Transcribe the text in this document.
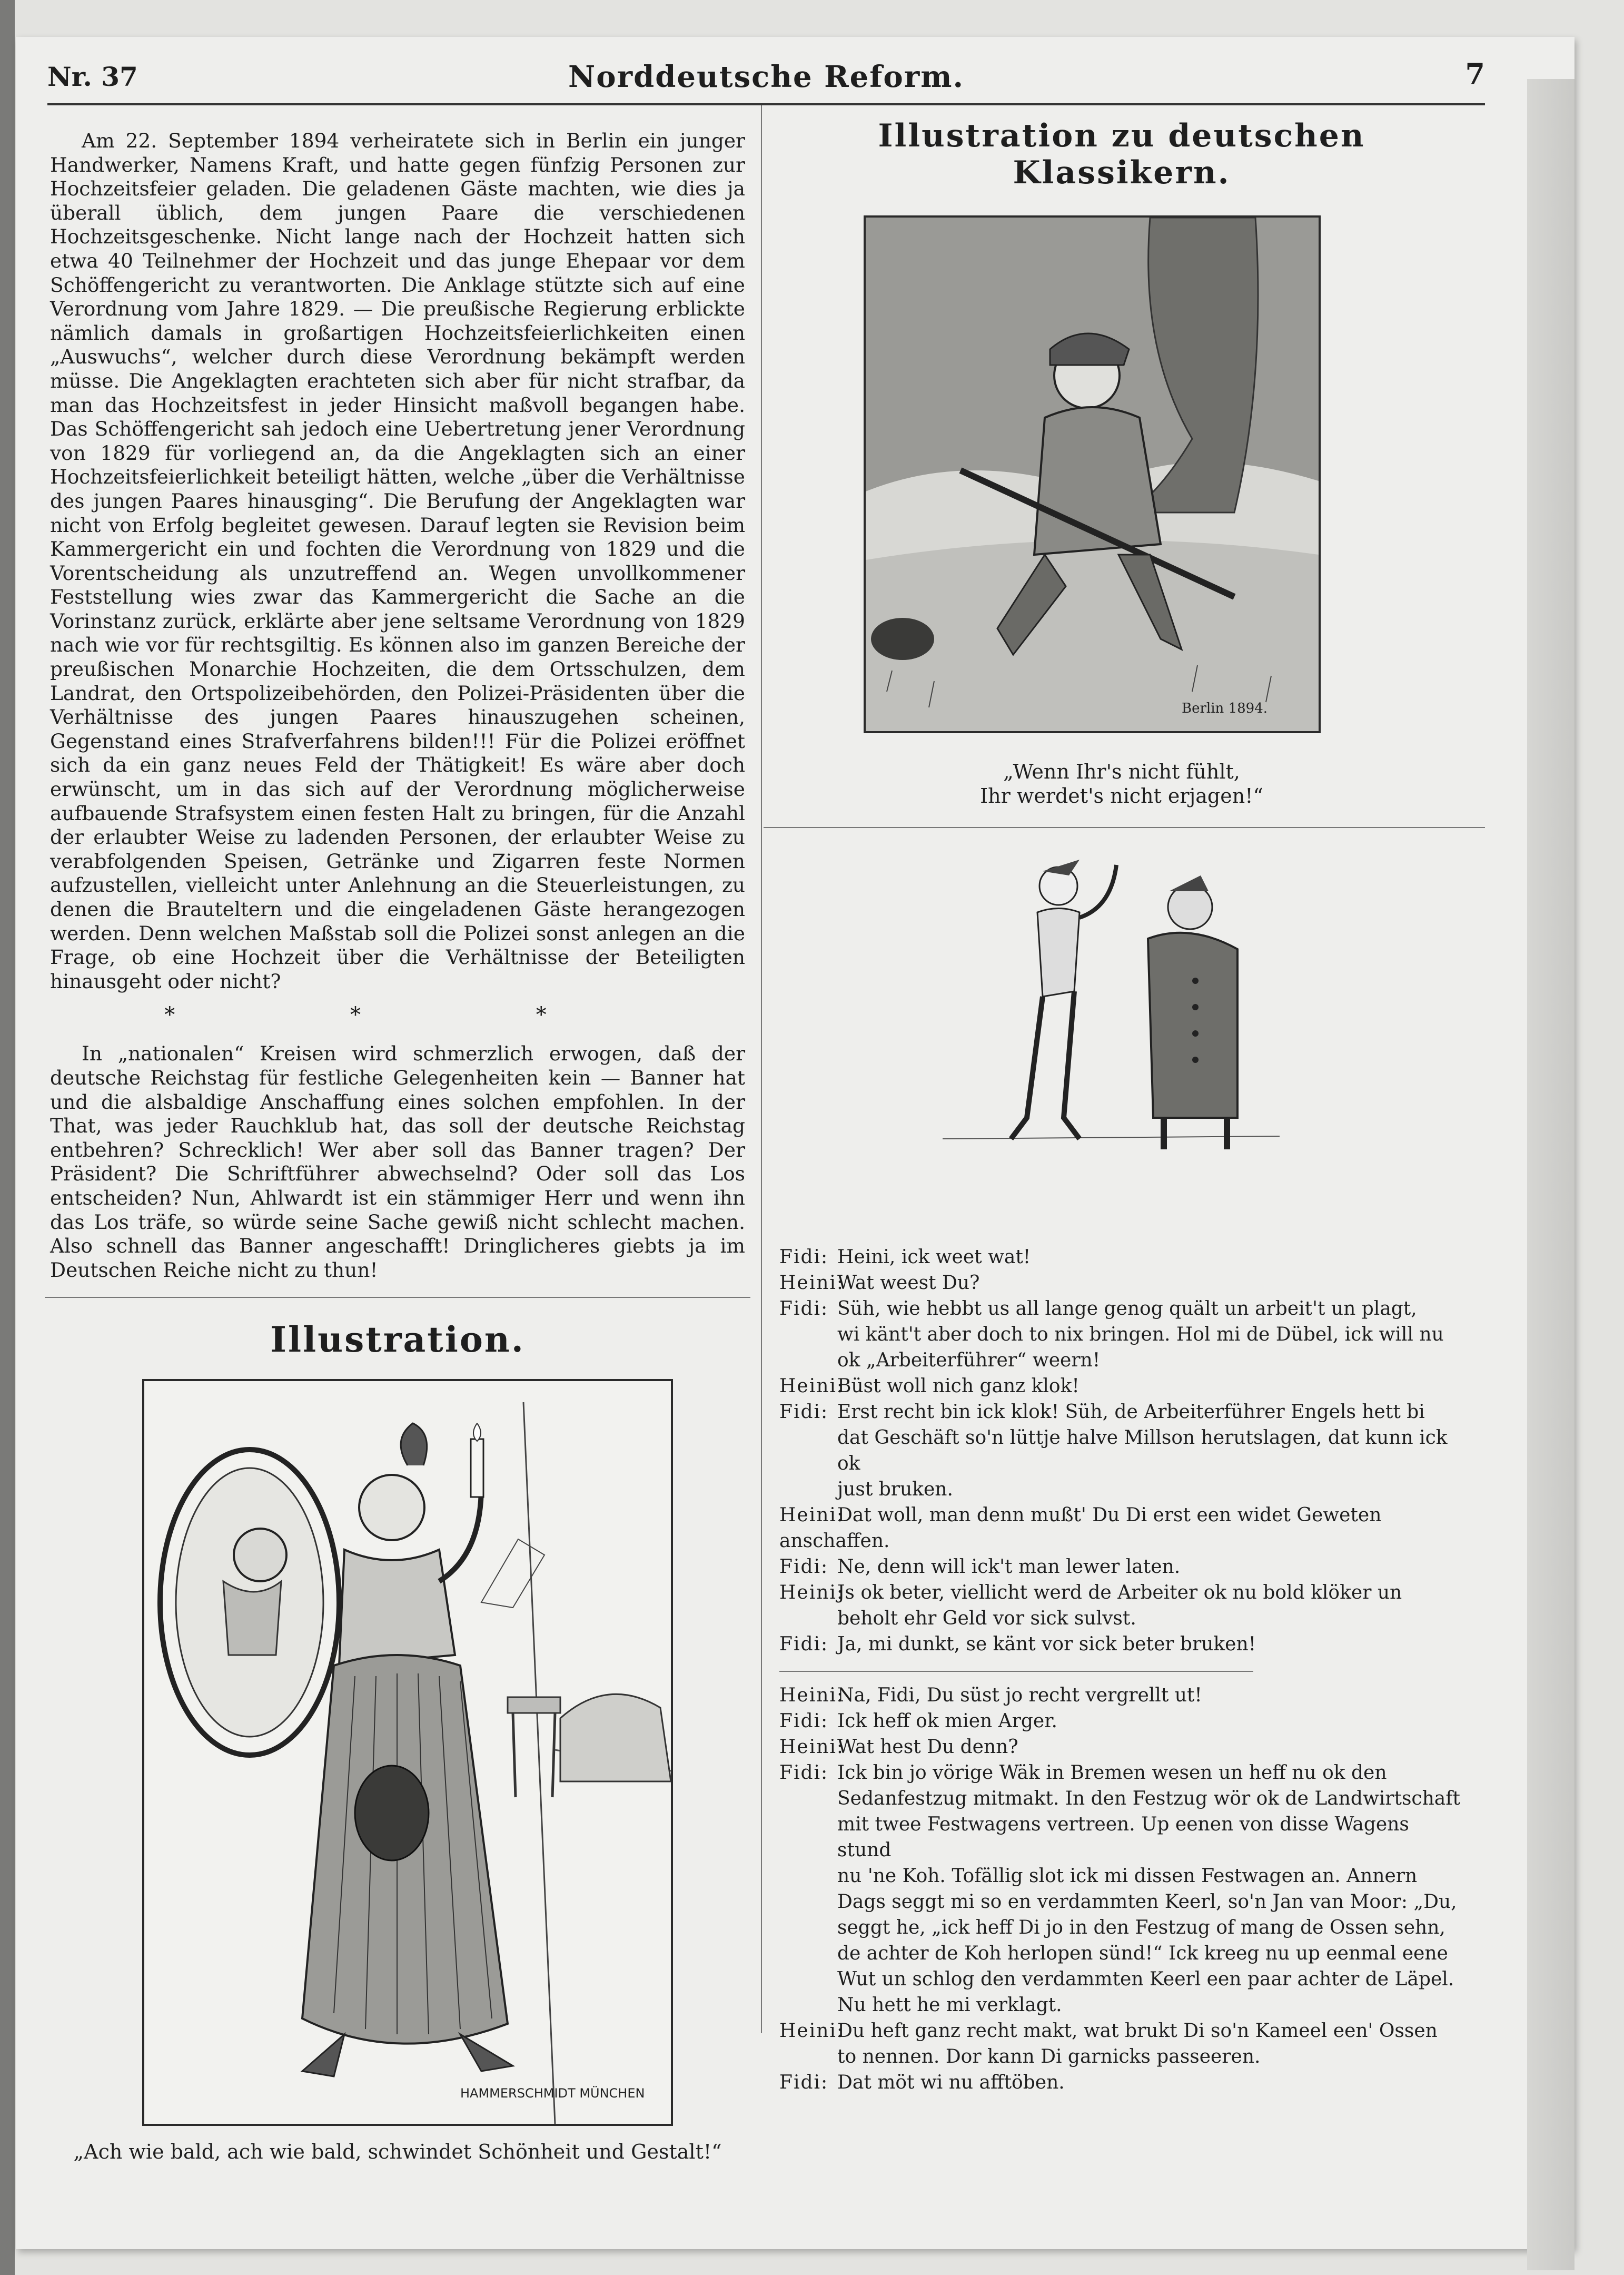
Nr. 37	Norddeutsche Reform.	7

Am 22. September 1894 verheiratete sich in Berlin ein junger Handwerker, Namens Kraft, und hatte gegen fünfzig Personen zur Hochzeitsfeier geladen. Die geladenen Gäste machten, wie dies ja überall üblich, dem jungen Paare die verschiedenen Hochzeitsgeschenke. Nicht lange nach der Hochzeit hatten sich etwa 40 Teilnehmer der Hochzeit und das junge Ehepaar vor dem Schöffengericht zu verantworten. Die Anklage stützte sich auf eine Verordnung vom Jahre 1829. — Die preußische Regierung erblickte nämlich damals in großartigen Hochzeitsfeierlichkeiten einen „Auswuchs“, welcher durch diese Verordnung bekämpft werden müsse. Die Angeklagten erachteten sich aber für nicht strafbar, da man das Hochzeitsfest in jeder Hinsicht maßvoll begangen habe. Das Schöffengericht sah jedoch eine Uebertretung jener Verordnung von 1829 für vorliegend an, da die Angeklagten sich an einer Hochzeitsfeierlichkeit beteiligt hätten, welche „über die Verhältnisse des jungen Paares hinausging“. Die Berufung der Angeklagten war nicht von Erfolg begleitet gewesen. Darauf legten sie Revision beim Kammergericht ein und fochten die Verordnung von 1829 und die Vorentscheidung als unzutreffend an. Wegen unvollkommener Feststellung wies zwar das Kammergericht die Sache an die Vorinstanz zurück, erklärte aber jene seltsame Verordnung von 1829 nach wie vor für rechtsgiltig. Es können also im ganzen Bereiche der preußischen Monarchie Hochzeiten, die dem Ortsschulzen, dem Landrat, den Ortspolizeibehörden, den Polizei-Präsidenten über die Verhältnisse des jungen Paares hinauszugehen scheinen, Gegenstand eines Strafverfahrens bilden!!! Für die Polizei eröffnet sich da ein ganz neues Feld der Thätigkeit! Es wäre aber doch erwünscht, um in das sich auf der Verordnung möglicherweise aufbauende Strafsystem einen festen Halt zu bringen, für die Anzahl der erlaubter Weise zu ladenden Personen, der erlaubter Weise zu verabfolgenden Speisen, Getränke und Zigarren feste Normen aufzustellen, vielleicht unter Anlehnung an die Steuerleistungen, zu denen die Brauteltern und die eingeladenen Gäste herangezogen werden. Denn welchen Maßstab soll die Polizei sonst anlegen an die Frage, ob eine Hochzeit über die Verhältnisse der Beteiligten hinausgeht oder nicht?

* * *

In „nationalen“ Kreisen wird schmerzlich erwogen, daß der deutsche Reichstag für festliche Gelegenheiten kein — Banner hat und die alsbaldige Anschaffung eines solchen empfohlen. In der That, was jeder Rauchklub hat, das soll der deutsche Reichstag entbehren? Schrecklich! Wer aber soll das Banner tragen? Der Präsident? Die Schriftführer abwechselnd? Oder soll das Los entscheiden? Nun, Ahlwardt ist ein stämmiger Herr und wenn ihn das Los träfe, so würde seine Sache gewiß nicht schlecht machen. Also schnell das Banner angeschafft! Dringlicheres giebts ja im Deutschen Reiche nicht zu thun!

Illustration.
HAMMERSCHMIDT MÜNCHEN

„Ach wie bald, ach wie bald, schwindet Schönheit und Gestalt!“

Illustration zu deutschen Klassikern.
Berlin 1894.

„Wenn Ihr's nicht fühlt,

Ihr werdet's nicht erjagen!“

Fidi: Heini, ick weet wat!

Heini:Wat weest Du?

Fidi: Süh, wie hebbt us all lange genog quält un arbeit't un plagt,

wi känt't aber doch to nix bringen. Hol mi de Dübel, ick will nu

ok „Arbeiterführer“ weern!

Heini:Büst woll nich ganz klok!

Fidi: Erst recht bin ick klok! Süh, de Arbeiterführer Engels hett bi

dat Geschäft so'n lüttje halve Millson herutslagen, dat kunn ick ok

just bruken.

Heini:Dat woll, man denn mußt' Du Di erst een widet Geweten anschaffen.

Fidi: Ne, denn will ick't man lewer laten.

Heini:Js ok beter, viellicht werd de Arbeiter ok nu bold klöker un

beholt ehr Geld vor sick sulvst.

Fidi: Ja, mi dunkt, se känt vor sick beter bruken!

Heini:Na, Fidi, Du süst jo recht vergrellt ut!

Fidi: Ick heff ok mien Arger.

Heini:Wat hest Du denn?

Fidi: Ick bin jo vörige Wäk in Bremen wesen un heff nu ok den

Sedanfestzug mitmakt. In den Festzug wör ok de Landwirtschaft

mit twee Festwagens vertreen. Up eenen von disse Wagens stund

nu 'ne Koh. Tofällig slot ick mi dissen Festwagen an. Annern

Dags seggt mi so en verdammten Keerl, so'n Jan van Moor: „Du,

seggt he, „ick heff Di jo in den Festzug of mang de Ossen sehn,

de achter de Koh herlopen sünd!“ Ick kreeg nu up eenmal eene

Wut un schlog den verdammten Keerl een paar achter de Läpel.

Nu hett he mi verklagt.

Heini:Du heft ganz recht makt, wat brukt Di so'n Kameel een' Ossen

to nennen. Dor kann Di garnicks passeeren.

Fidi: Dat möt wi nu afftöben.
